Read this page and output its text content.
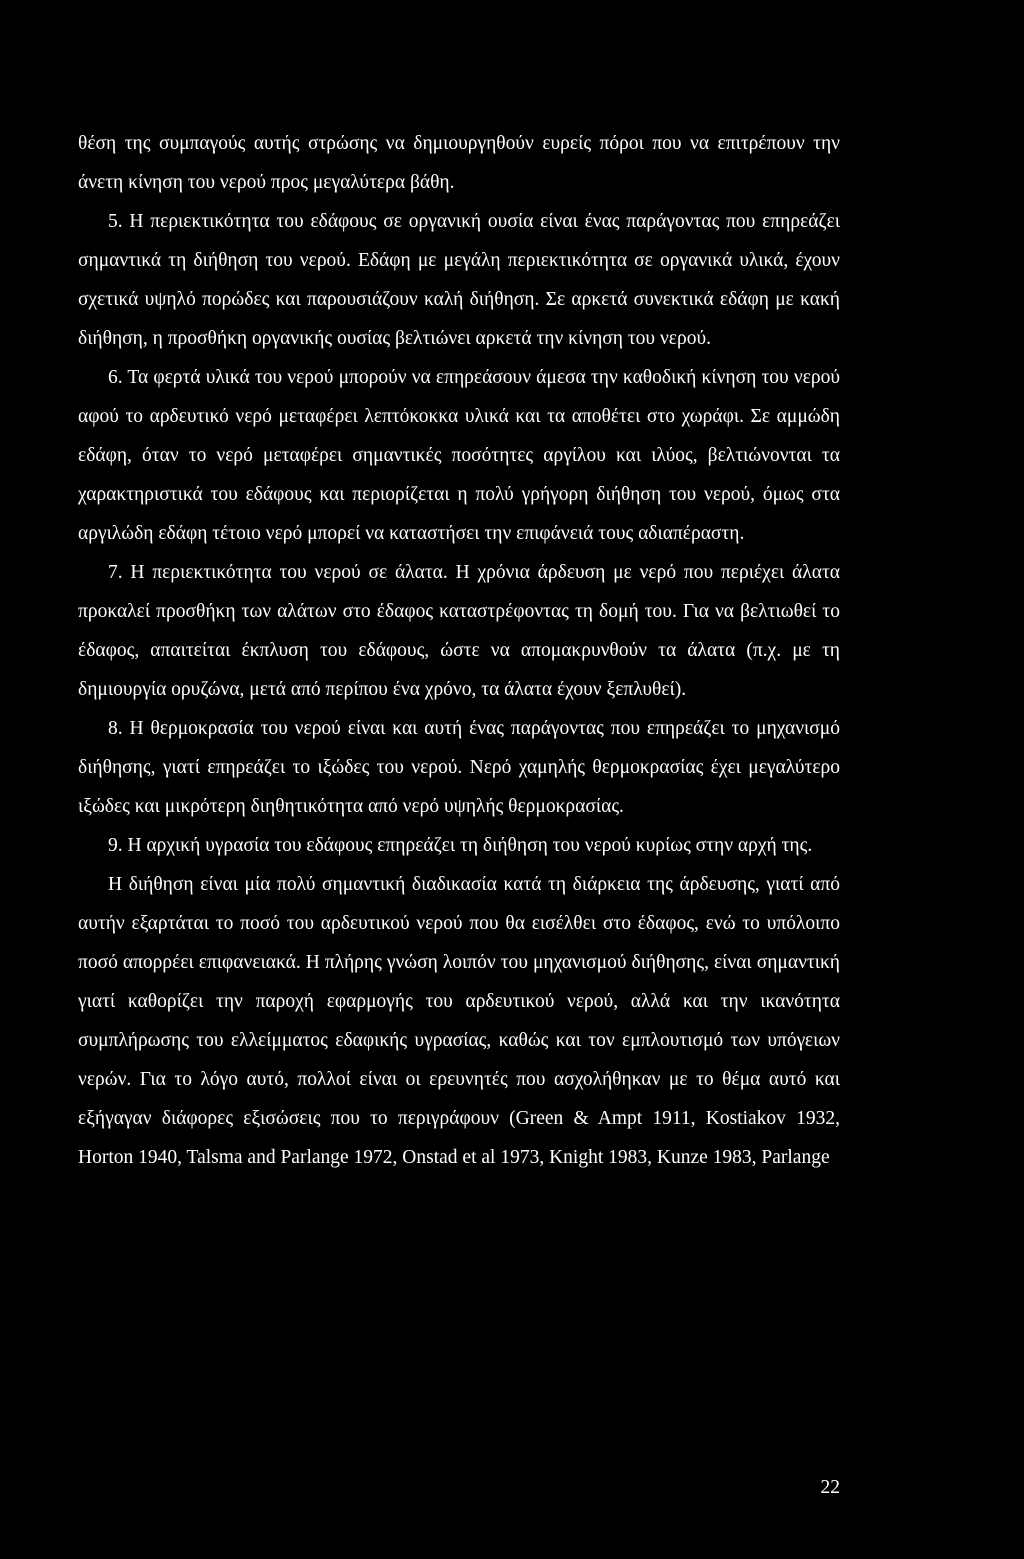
θέση της συμπαγούς αυτής στρώσης να δημιουργηθούν ευρείς πόροι που να επιτρέπουν την άνετη κίνηση του νερού προς μεγαλύτερα βάθη.

5. Η περιεκτικότητα του εδάφους σε οργανική ουσία είναι ένας παράγοντας που επηρεάζει σημαντικά τη διήθηση του νερού. Εδάφη με μεγάλη περιεκτικότητα σε οργανικά υλικά, έχουν σχετικά υψηλό πορώδες και παρουσιάζουν καλή διήθηση. Σε αρκετά συνεκτικά εδάφη με κακή διήθηση, η προσθήκη οργανικής ουσίας βελτιώνει αρκετά την κίνηση του νερού.

6. Τα φερτά υλικά του νερού μπορούν να επηρεάσουν άμεσα την καθοδική κίνηση του νερού αφού το αρδευτικό νερό μεταφέρει λεπτόκοκκα υλικά και τα αποθέτει στο χωράφι. Σε αμμώδη εδάφη, όταν το νερό μεταφέρει σημαντικές ποσότητες αργίλου και ιλύος, βελτιώνονται τα χαρακτηριστικά του εδάφους και περιορίζεται η πολύ γρήγορη διήθηση του νερού, όμως στα αργιλώδη εδάφη τέτοιο νερό μπορεί να καταστήσει την επιφάνειά τους αδιαπέραστη.

7. Η περιεκτικότητα του νερού σε άλατα. Η χρόνια άρδευση με νερό που περιέχει άλατα προκαλεί προσθήκη των αλάτων στο έδαφος καταστρέφοντας τη δομή του. Για να βελτιωθεί το έδαφος, απαιτείται έκπλυση του εδάφους, ώστε να απομακρυνθούν τα άλατα (π.χ. με τη δημιουργία ορυζώνα, μετά από περίπου ένα χρόνο, τα άλατα έχουν ξεπλυθεί).

8. Η θερμοκρασία του νερού είναι και αυτή ένας παράγοντας που επηρεάζει το μηχανισμό διήθησης, γιατί επηρεάζει το ιξώδες του νερού. Νερό χαμηλής θερμοκρασίας έχει μεγαλύτερο ιξώδες και μικρότερη διηθητικότητα από νερό υψηλής θερμοκρασίας.

9. Η αρχική υγρασία του εδάφους επηρεάζει τη διήθηση του νερού κυρίως στην αρχή της.

Η διήθηση είναι μία πολύ σημαντική διαδικασία κατά τη διάρκεια της άρδευσης, γιατί από αυτήν εξαρτάται το ποσό του αρδευτικού νερού που θα εισέλθει στο έδαφος, ενώ το υπόλοιπο ποσό απορρέει επιφανειακά. Η πλήρης γνώση λοιπόν του μηχανισμού διήθησης, είναι σημαντική γιατί καθορίζει την παροχή εφαρμογής του αρδευτικού νερού, αλλά και την ικανότητα συμπλήρωσης του ελλείμματος εδαφικής υγρασίας, καθώς και τον εμπλουτισμό των υπόγειων νερών. Για το λόγο αυτό, πολλοί είναι οι ερευνητές που ασχολήθηκαν με το θέμα αυτό και εξήγαγαν διάφορες εξισώσεις που το περιγράφουν (Green & Ampt 1911, Kostiakov 1932, Horton 1940, Talsma and Parlange 1972, Onstad et al 1973, Knight 1983, Kunze 1983, Parlange

22
